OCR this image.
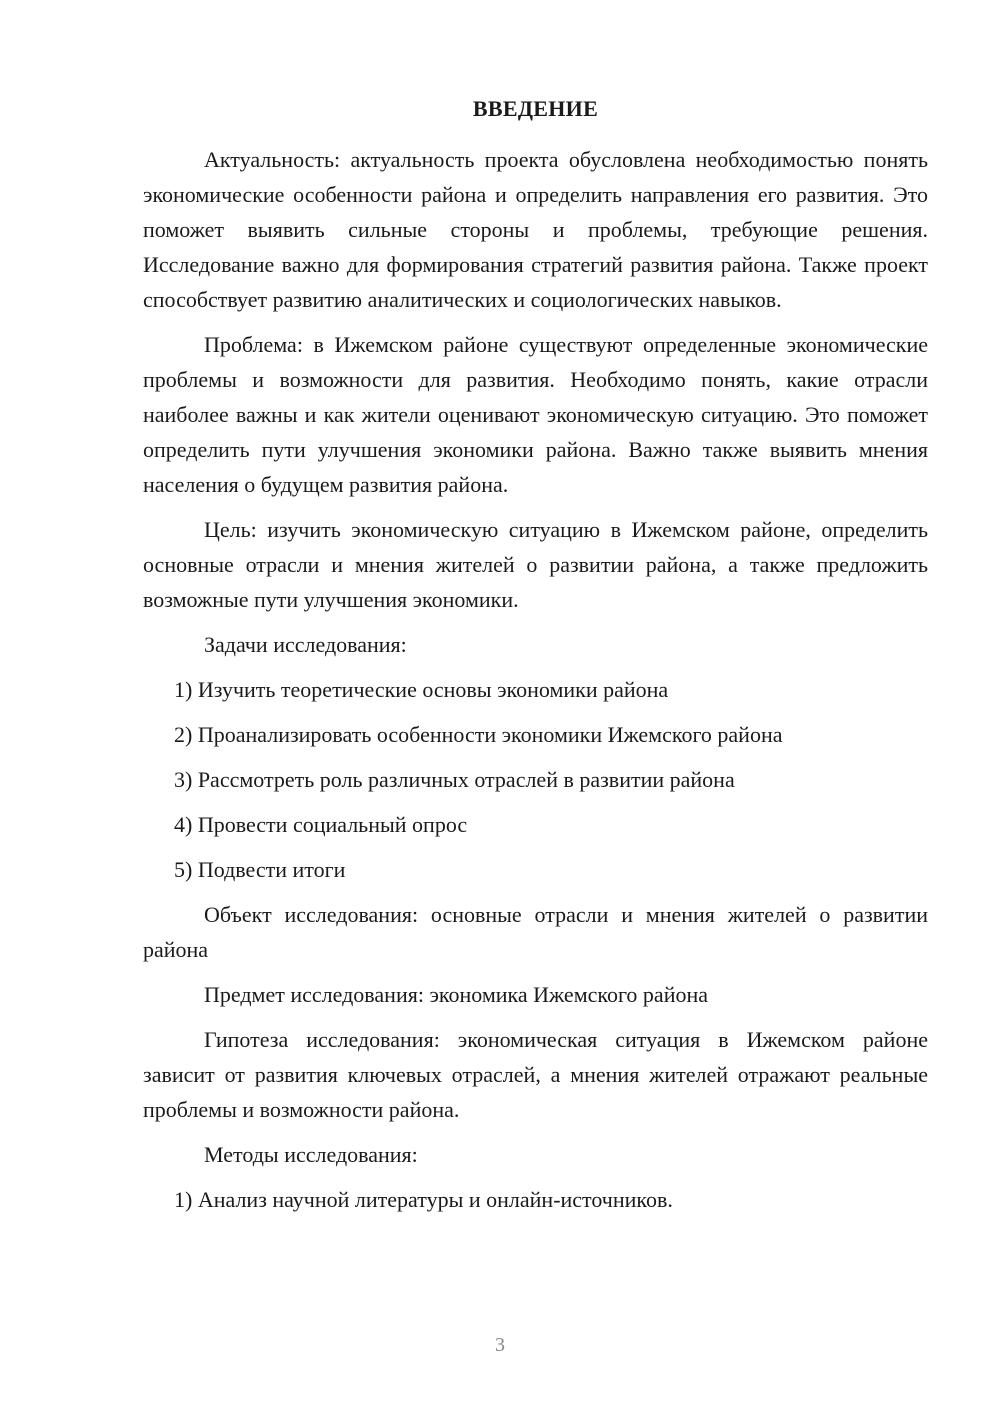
ВВЕДЕНИЕ

Актуальность: актуальность проекта обусловлена необходимостью понять экономические особенности района и определить направления его развития. Это поможет выявить сильные стороны и проблемы, требующие решения. Исследование важно для формирования стратегий развития района. Также проект способствует развитию аналитических и социологических навыков.

Проблема: в Ижемском районе существуют определенные экономические проблемы и возможности для развития. Необходимо понять, какие отрасли наиболее важны и как жители оценивают экономическую ситуацию. Это поможет определить пути улучшения экономики района. Важно также выявить мнения населения о будущем развития района.

Цель: изучить экономическую ситуацию в Ижемском районе, определить основные отрасли и мнения жителей о развитии района, а также предложить возможные пути улучшения экономики.

Задачи исследования:

1) Изучить теоретические основы экономики района
2) Проанализировать особенности экономики Ижемского района
3) Рассмотреть роль различных отраслей в развитии района
4) Провести социальный опрос
5) Подвести итоги

Объект исследования: основные отрасли и мнения жителей о развитии района

Предмет исследования: экономика Ижемского района

Гипотеза исследования: экономическая ситуация в Ижемском районе зависит от развития ключевых отраслей, а мнения жителей отражают реальные проблемы и возможности района.

Методы исследования:

1) Анализ научной литературы и онлайн-источников.
3
